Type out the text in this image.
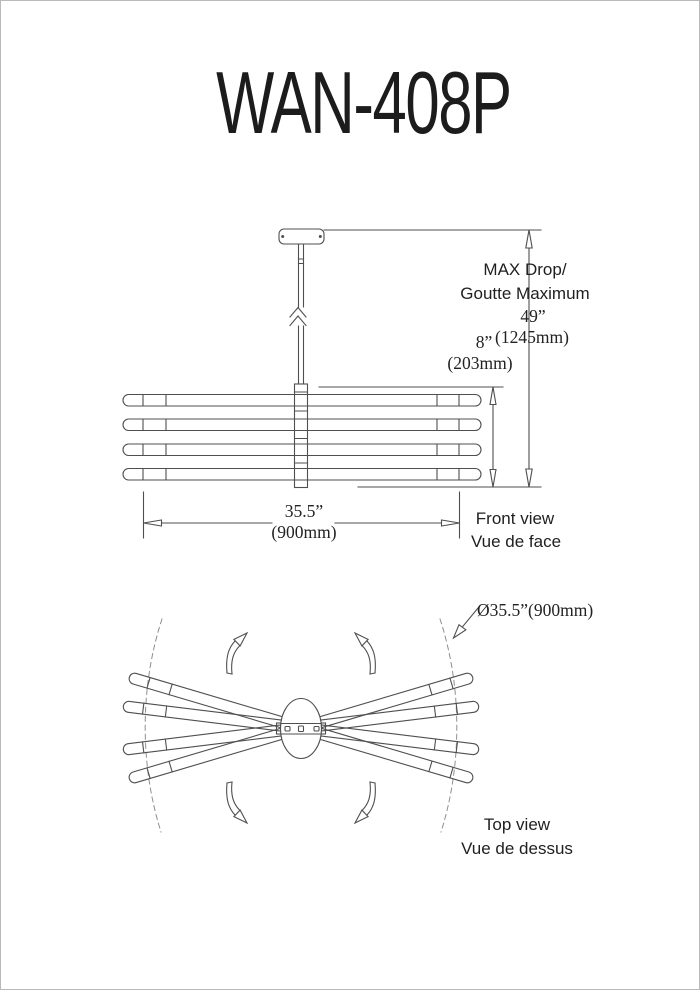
WAN-408P
MAX Drop/
Goutte Maximum
49”
(1245mm)
8”
(203mm)
35.5”
(900mm)
Front view
Vue de face
Ø35.5”(900mm)
Top view
Vue de dessus
